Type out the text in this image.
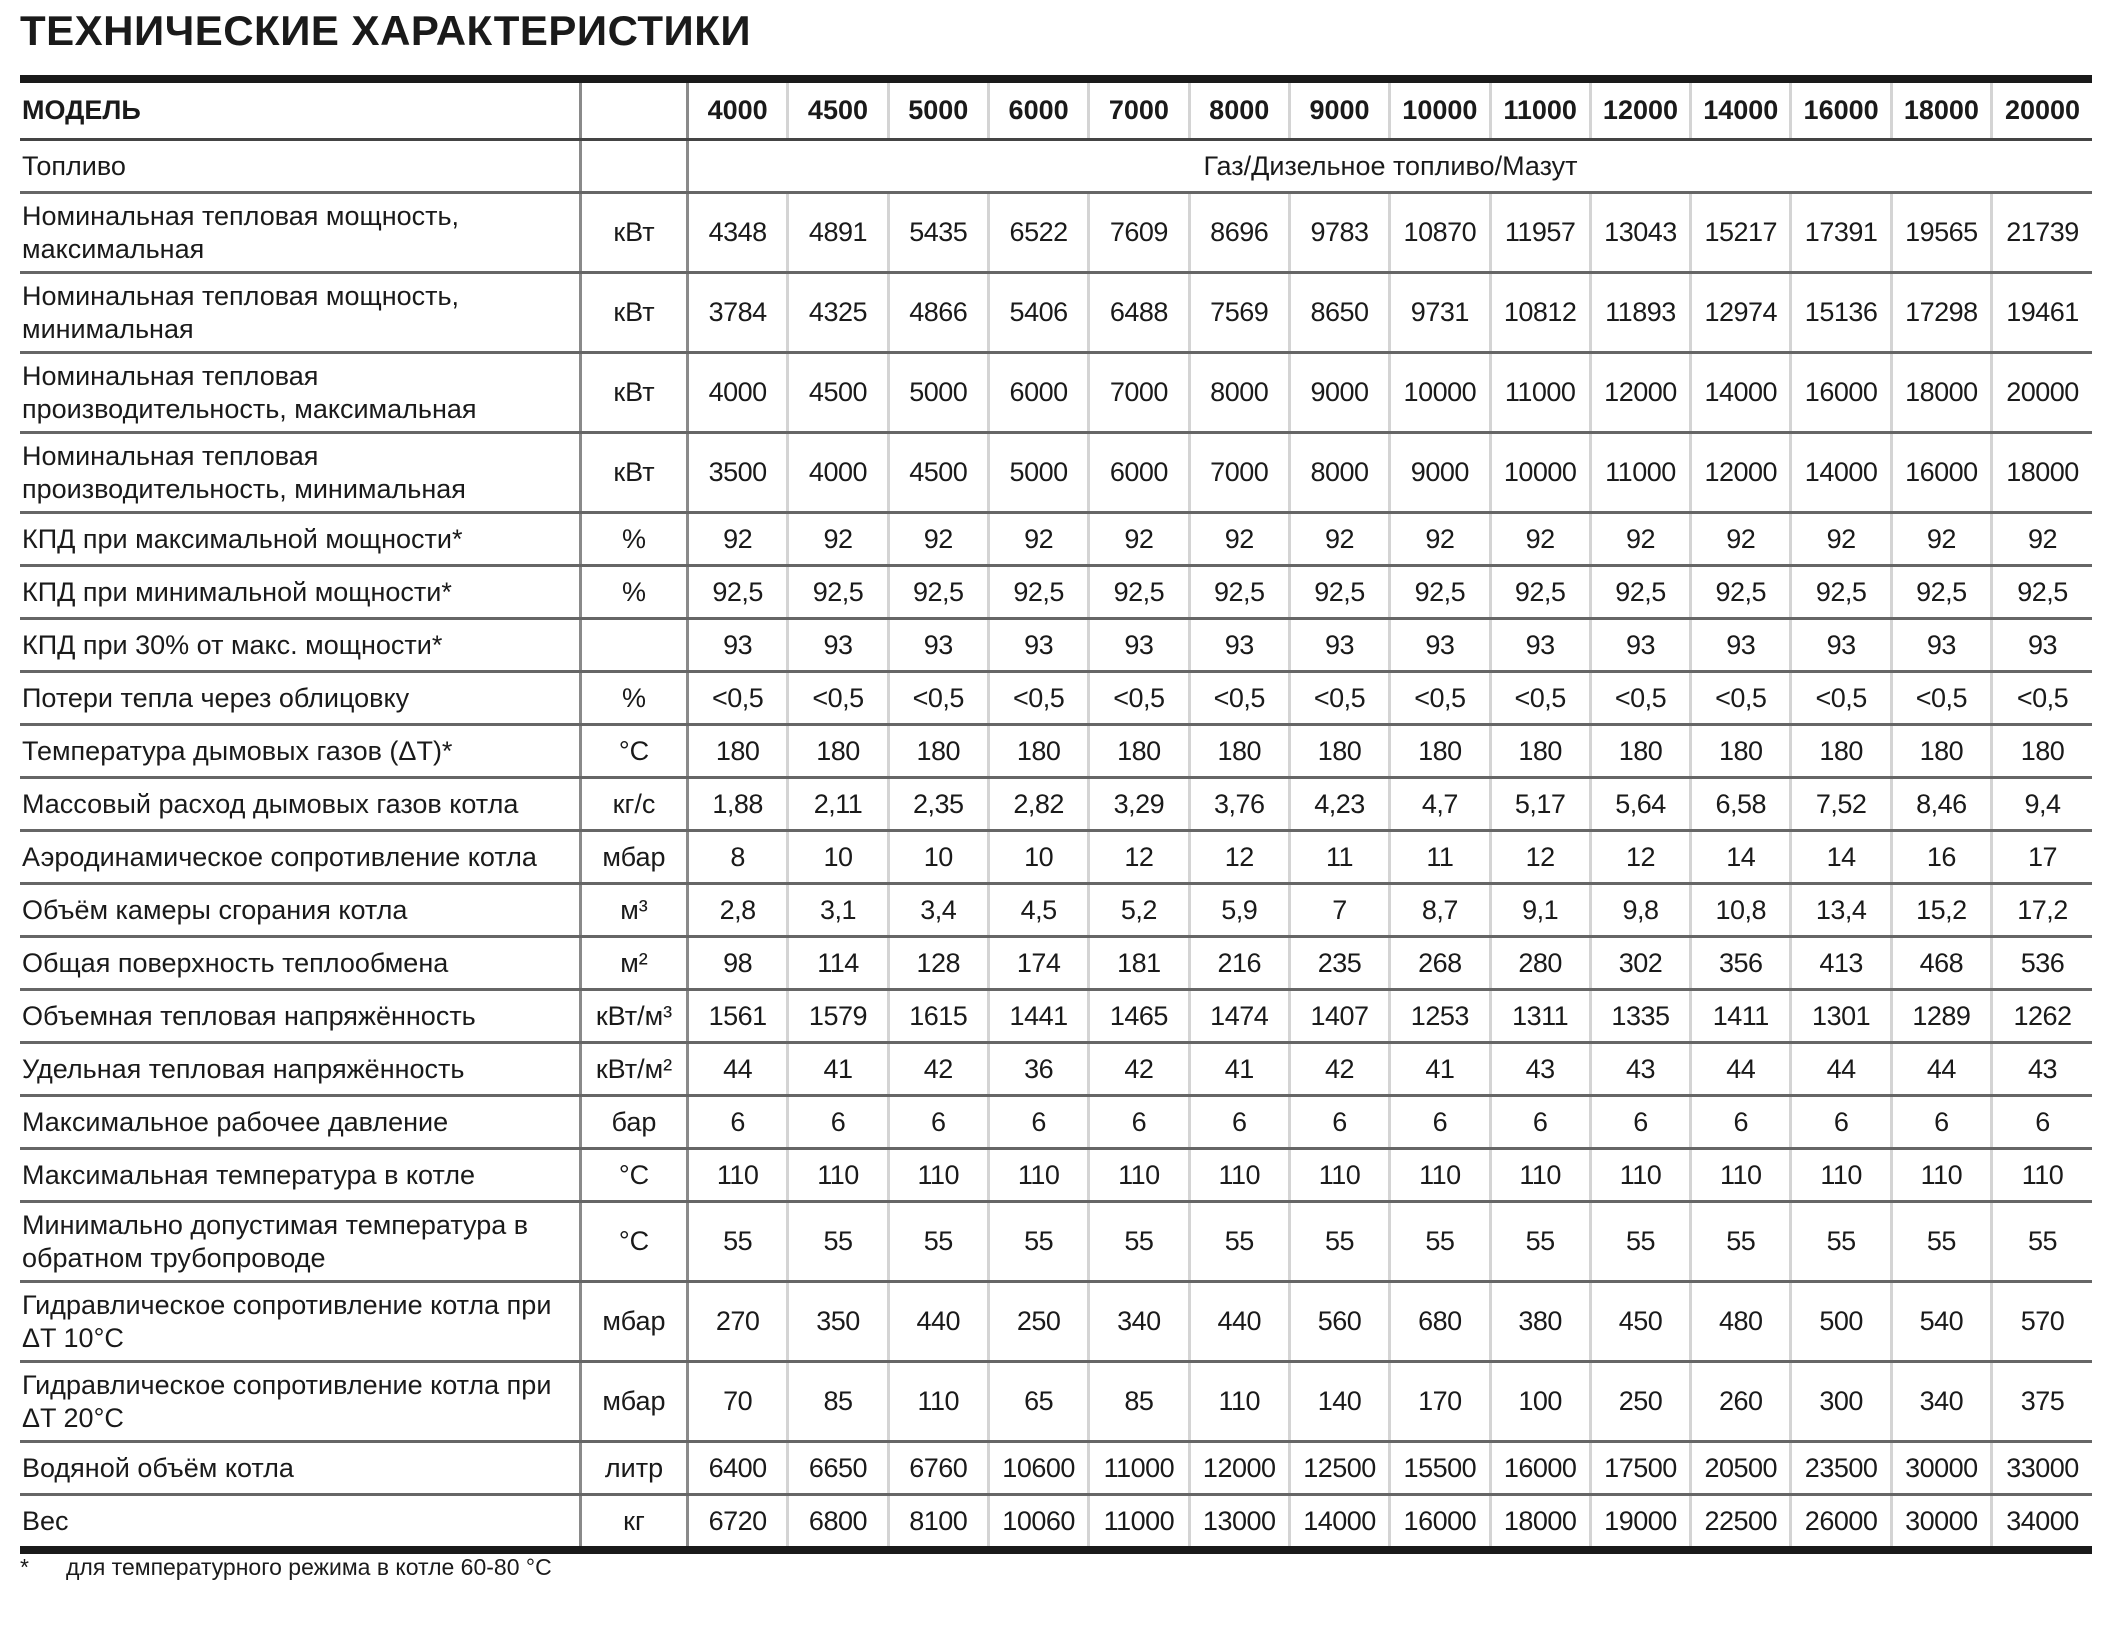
ТЕХНИЧЕСКИЕ ХАРАКТЕРИСТИКИ
МОДЕЛЬ		4000	4500	5000	6000	7000	8000	9000	10000	11000	12000	14000	16000	18000	20000
Топливо		Газ/Дизельное топливо/Мазут													
Номинальная тепловая мощность, максимальная	кВт	4348	4891	5435	6522	7609	8696	9783	10870	11957	13043	15217	17391	19565	21739
Номинальная тепловая мощность, минимальная	кВт	3784	4325	4866	5406	6488	7569	8650	9731	10812	11893	12974	15136	17298	19461
Номинальная тепловая производительность, максимальная	кВт	4000	4500	5000	6000	7000	8000	9000	10000	11000	12000	14000	16000	18000	20000
Номинальная тепловая производительность, минимальная	кВт	3500	4000	4500	5000	6000	7000	8000	9000	10000	11000	12000	14000	16000	18000
КПД при максимальной мощности*	%	92	92	92	92	92	92	92	92	92	92	92	92	92	92
КПД при минимальной мощности*	%	92,5	92,5	92,5	92,5	92,5	92,5	92,5	92,5	92,5	92,5	92,5	92,5	92,5	92,5
КПД при 30% от макс. мощности*		93	93	93	93	93	93	93	93	93	93	93	93	93	93
Потери тепла через облицовку	%	<0,5	<0,5	<0,5	<0,5	<0,5	<0,5	<0,5	<0,5	<0,5	<0,5	<0,5	<0,5	<0,5	<0,5
Температура дымовых газов (ΔT)*	°C	180	180	180	180	180	180	180	180	180	180	180	180	180	180
Массовый расход дымовых газов котла	кг/с	1,88	2,11	2,35	2,82	3,29	3,76	4,23	4,7	5,17	5,64	6,58	7,52	8,46	9,4
Аэродинамическое сопротивление котла	мбар	8	10	10	10	12	12	11	11	12	12	14	14	16	17
Объём камеры сгорания котла	м³	2,8	3,1	3,4	4,5	5,2	5,9	7	8,7	9,1	9,8	10,8	13,4	15,2	17,2
Общая поверхность теплообмена	м²	98	114	128	174	181	216	235	268	280	302	356	413	468	536
Объемная тепловая напряжённость	кВт/м³	1561	1579	1615	1441	1465	1474	1407	1253	1311	1335	1411	1301	1289	1262
Удельная тепловая напряжённость	кВт/м²	44	41	42	36	42	41	42	41	43	43	44	44	44	43
Максимальное рабочее давление	бар	6	6	6	6	6	6	6	6	6	6	6	6	6	6
Максимальная температура в котле	°C	110	110	110	110	110	110	110	110	110	110	110	110	110	110
Минимально допустимая температура в обратном трубопроводе	°C	55	55	55	55	55	55	55	55	55	55	55	55	55	55
Гидравлическое сопротивление котла при ΔT 10°C	мбар	270	350	440	250	340	440	560	680	380	450	480	500	540	570
Гидравлическое сопротивление котла при ΔT 20°C	мбар	70	85	110	65	85	110	140	170	100	250	260	300	340	375
Водяной объём котла	литр	6400	6650	6760	10600	11000	12000	12500	15500	16000	17500	20500	23500	30000	33000
Вес	кг	6720	6800	8100	10060	11000	13000	14000	16000	18000	19000	22500	26000	30000	34000
* для температурного режима в котле 60-80 °C
